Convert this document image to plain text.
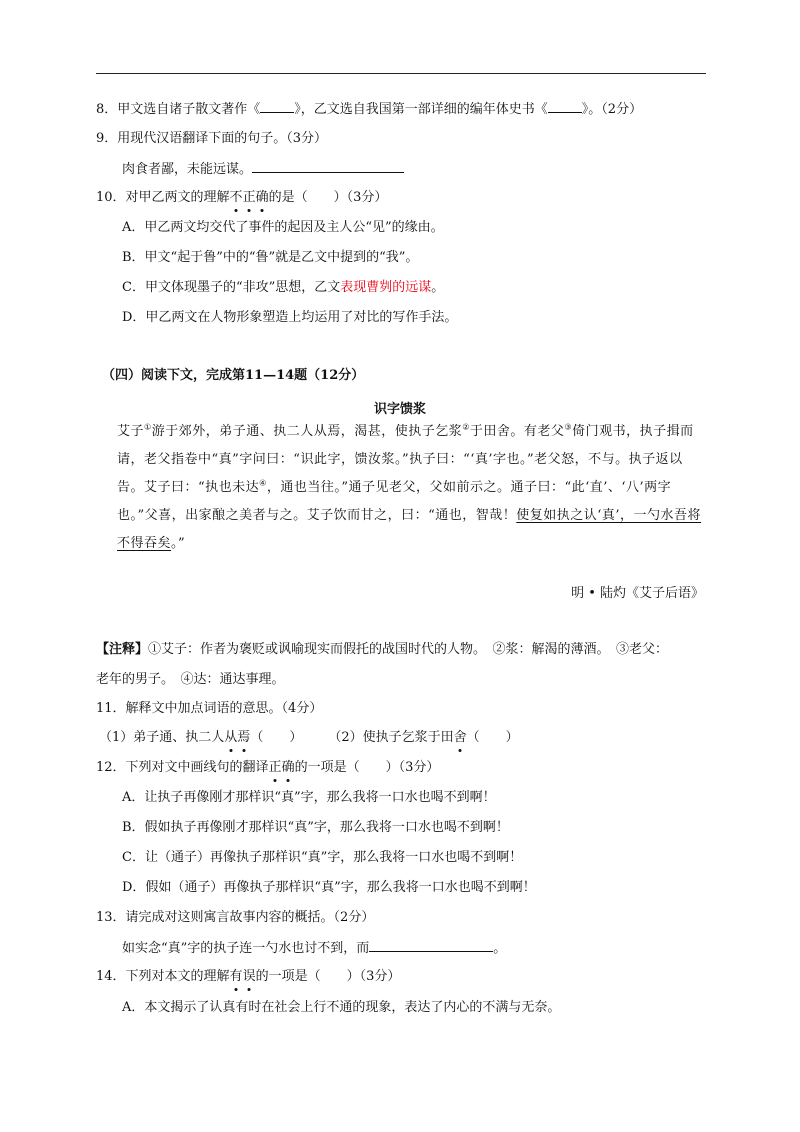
8．甲文选自诸子散文著作《	》，乙文选自我国第一部详细的编年体史书《	》。（2分）
9．用现代汉语翻译下面的句子。（3分）
肉食者鄙，未能远谋。
10．对甲乙两文的理解不正确的是（　　）（3分）
A．甲乙两文均交代了事件的起因及主人公“见”的缘由。
B．甲文“起于鲁”中的“鲁”就是乙文中提到的“我”。
C．甲文体现墨子的“非攻”思想，乙文表现曹刿的远谋。
D．甲乙两文在人物形象塑造上均运用了对比的写作手法。
（四）阅读下文，完成第11—14题（12分）
识字馈浆
艾子①游于郊外，弟子通、执二人从焉，渴甚，使执子乞浆②于田舍。有老父③倚门观书，执子揖而请，老父指卷中“真”字问曰：“识此字，馈汝浆。”执子曰：“‘真’字也。”老父怒，不与。执子返以告。艾子曰：“执也未达④，通也当往。”通子见老父，父如前示之。通子曰：“此‘直’、‘八’两字也。”父喜，出家酿之美者与之。艾子饮而甘之，曰：“通也，智哉！使复如执之认‘真’，一勺水吾将不得吞矣。”
明 • 陆灼《艾子后语》
【注释】①艾子：作者为褒贬或讽喻现实而假托的战国时代的人物。　②浆：解渴的薄酒。　③老父：
老年的男子。　④达：通达事理。
11．解释文中加点词语的意思。（4分）
（1）弟子通、执二人从焉（　　） （2）使执子乞浆于田舍（　　）
12．下列对文中画线句的翻译正确的一项是（　　）（3分）
A．让执子再像刚才那样识“真”字，那么我将一口水也喝不到啊！
B．假如执子再像刚才那样识“真”字，那么我将一口水也喝不到啊！
C．让（通子）再像执子那样识“真”字，那么我将一口水也喝不到啊！
D．假如（通子）再像执子那样识“真”字，那么我将一口水也喝不到啊！
13．请完成对这则寓言故事内容的概括。（2分）
如实念“真”字的执子连一勺水也讨不到，而	。
14．下列对本文的理解有误的一项是（　　）（3分）
A．本文揭示了认真有时在社会上行不通的现象，表达了内心的不满与无奈。
